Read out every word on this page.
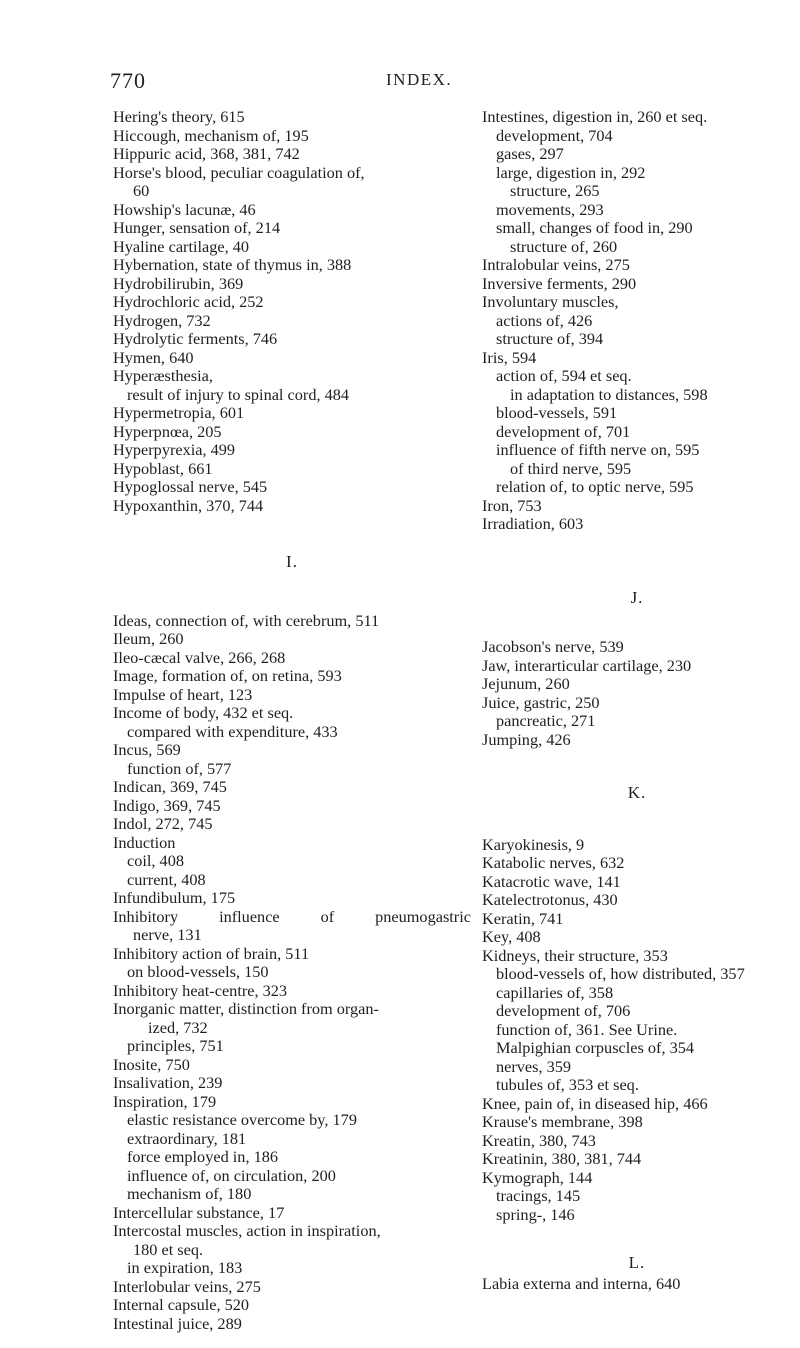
770	INDEX.
Hering's theory, 615
Hiccough, mechanism of, 195
Hippuric acid, 368, 381, 742
Horse's blood, peculiar coagulation of,
60
Howship's lacunæ, 46
Hunger, sensation of, 214
Hyaline cartilage, 40
Hybernation, state of thymus in, 388
Hydrobilirubin, 369
Hydrochloric acid, 252
Hydrogen, 732
Hydrolytic ferments, 746
Hymen, 640
Hyperæsthesia,
result of injury to spinal cord, 484
Hypermetropia, 601
Hyperpnœa, 205
Hyperpyrexia, 499
Hypoblast, 661
Hypoglossal nerve, 545
Hypoxanthin, 370, 744
I.
Ideas, connection of, with cerebrum, 511
Ileum, 260
Ileo-cæcal valve, 266, 268
Image, formation of, on retina, 593
Impulse of heart, 123
Income of body, 432 et seq.
compared with expenditure, 433
Incus, 569
function of, 577
Indican, 369, 745
Indigo, 369, 745
Indol, 272, 745
Induction
coil, 408
current, 408
Infundibulum, 175
Inhibitory	influence	of	pneumogastric
nerve, 131
Inhibitory action of brain, 511
on blood-vessels, 150
Inhibitory heat-centre, 323
Inorganic matter, distinction from organ-
ized, 732
principles, 751
Inosite, 750
Insalivation, 239
Inspiration, 179
elastic resistance overcome by, 179
extraordinary, 181
force employed in, 186
influence of, on circulation, 200
mechanism of, 180
Intercellular substance, 17
Intercostal muscles, action in inspiration,
180 et seq.
in expiration, 183
Interlobular veins, 275
Internal capsule, 520
Intestinal juice, 289
Intestines, digestion in, 260 et seq.
development, 704
gases, 297
large, digestion in, 292
structure, 265
movements, 293
small, changes of food in, 290
structure of, 260
Intralobular veins, 275
Inversive ferments, 290
Involuntary muscles,
actions of, 426
structure of, 394
Iris, 594
action of, 594 et seq.
in adaptation to distances, 598
blood-vessels, 591
development of, 701
influence of fifth nerve on, 595
of third nerve, 595
relation of, to optic nerve, 595
Iron, 753
Irradiation, 603
J.
Jacobson's nerve, 539
Jaw, interarticular cartilage, 230
Jejunum, 260
Juice, gastric, 250
pancreatic, 271
Jumping, 426
K.
Karyokinesis, 9
Katabolic nerves, 632
Katacrotic wave, 141
Katelectrotonus, 430
Keratin, 741
Key, 408
Kidneys, their structure, 353
blood-vessels of, how distributed, 357
capillaries of, 358
development of, 706
function of, 361. See Urine.
Malpighian corpuscles of, 354
nerves, 359
tubules of, 353 et seq.
Knee, pain of, in diseased hip, 466
Krause's membrane, 398
Kreatin, 380, 743
Kreatinin, 380, 381, 744
Kymograph, 144
tracings, 145
spring-, 146
L.
Labia externa and interna, 640
